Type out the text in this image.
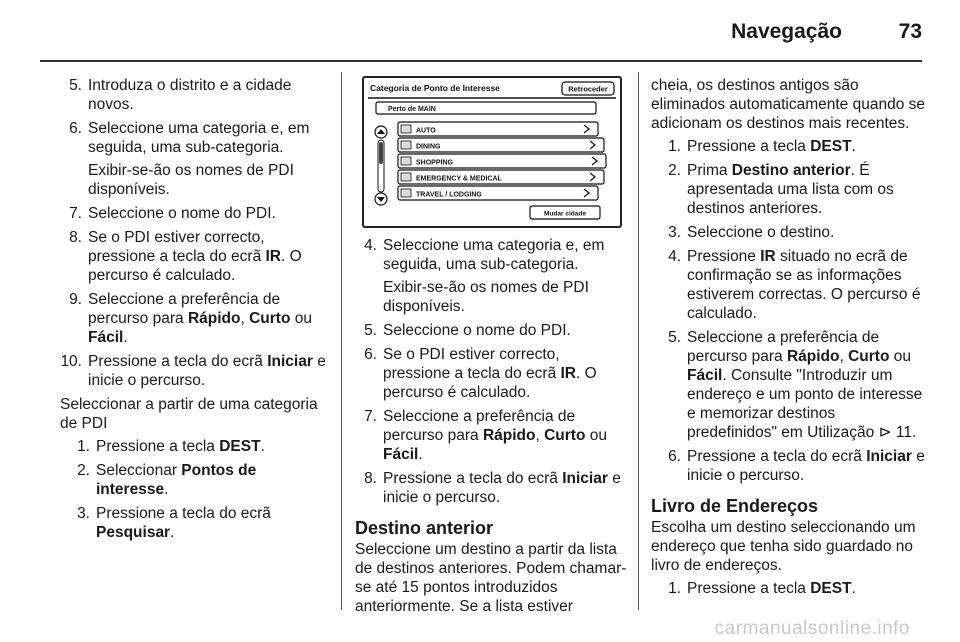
Navegação	73
5. Introduza o distrito e a cidade novos.

6. Seleccione uma categoria e, em seguida, uma sub-categoria.

Exibir-se-ão os nomes de PDI disponíveis.

7. Seleccione o nome do PDI.

8. Se o PDI estiver correcto, pressione a tecla do ecrã IR. O percurso é calculado.

9. Seleccione a preferência de percurso para Rápido, Curto ou Fácil.

10. Pressione a tecla do ecrã Iniciar e inicie o percurso.

Seleccionar a partir de uma categoria de PDI

1. Pressione a tecla DEST.

2. Seleccionar Pontos de interesse.

3. Pressione a tecla do ecrã Pesquisar.

Categoria de Ponto de Interesse	Retroceder
Perto de MAIN
AUTO
DINING
SHOPPING
EMERGENCY & MEDICAL
TRAVEL / LODGING
Mudar cidade
4. Seleccione uma categoria e, em seguida, uma sub-categoria.

Exibir-se-ão os nomes de PDI disponíveis.

5. Seleccione o nome do PDI.

6. Se o PDI estiver correcto, pressione a tecla do ecrã IR. O percurso é calculado.

7. Seleccione a preferência de percurso para Rápido, Curto ou Fácil.

8. Pressione a tecla do ecrã Iniciar e inicie o percurso.

Destino anterior

Seleccione um destino a partir da lista de destinos anteriores. Podem chamar-se até 15 pontos introduzidos anteriormente. Se a lista estiver

cheia, os destinos antigos são eliminados automaticamente quando se adicionam os destinos mais recentes.

1. Pressione a tecla DEST.

2. Prima Destino anterior. É apresentada uma lista com os destinos anteriores.

3. Seleccione o destino.

4. Pressione IR situado no ecrã de confirmação se as informações estiverem correctas. O percurso é calculado.

5. Seleccione a preferência de percurso para Rápido, Curto ou Fácil. Consulte "Introduzir um endereço e um ponto de interesse e memorizar destinos predefinidos" em Utilização ⊳ 11.

6. Pressione a tecla do ecrã Iniciar e inicie o percurso.

Livro de Endereços

Escolha um destino seleccionando um endereço que tenha sido guardado no livro de endereços.

1. Pressione a tecla DEST.

carmanualsonline.info
